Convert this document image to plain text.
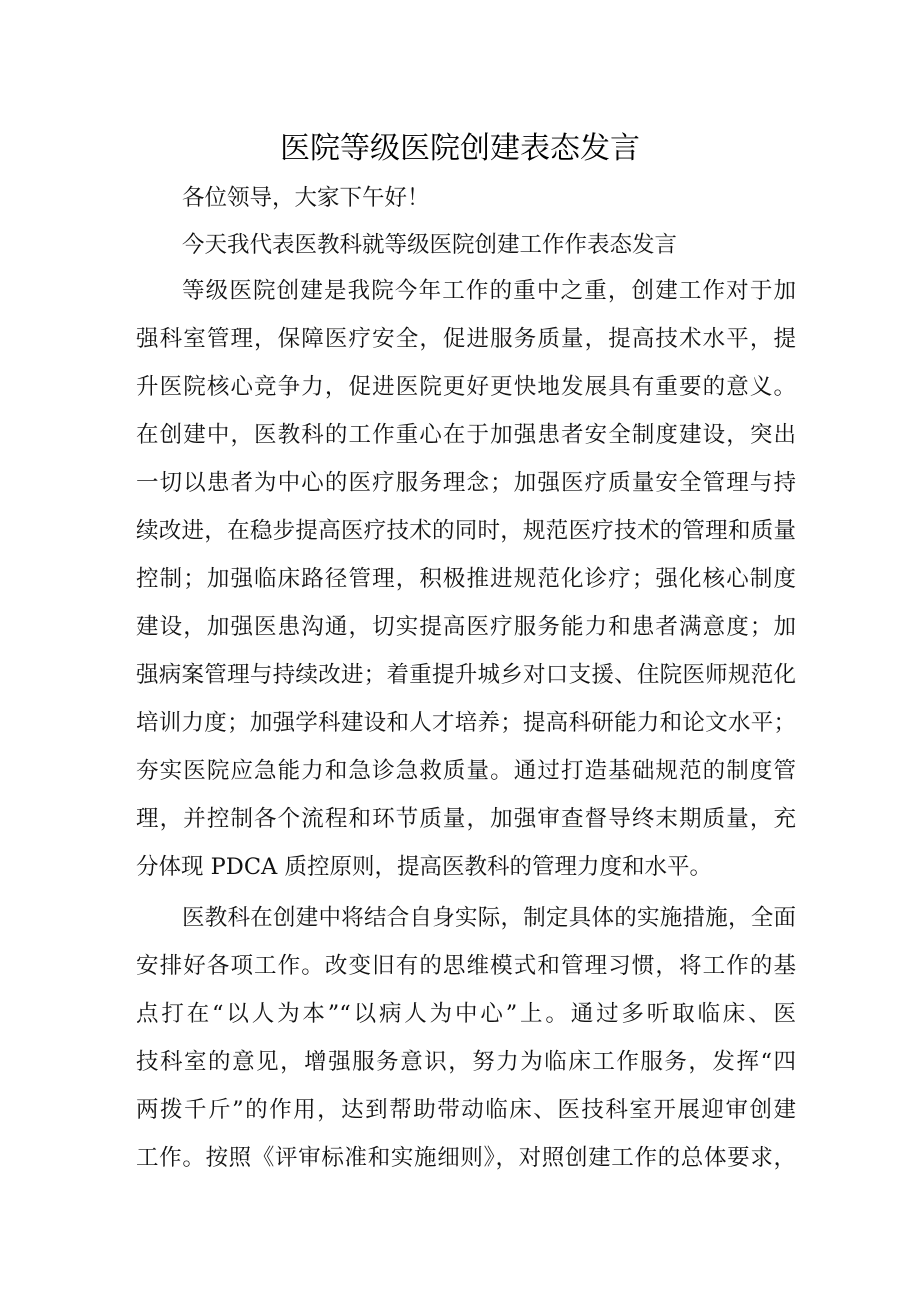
医院等级医院创建表态发言
各位领导，大家下午好！
今天我代表医教科就等级医院创建工作作表态发言
等级医院创建是我院今年工作的重中之重，创建工作对于加
强科室管理，保障医疗安全，促进服务质量，提高技术水平，提
升医院核心竞争力，促进医院更好更快地发展具有重要的意义。
在创建中，医教科的工作重心在于加强患者安全制度建设，突出
一切以患者为中心的医疗服务理念；加强医疗质量安全管理与持
续改进，在稳步提高医疗技术的同时，规范医疗技术的管理和质量
控制；加强临床路径管理，积极推进规范化诊疗；强化核心制度
建设，加强医患沟通，切实提高医疗服务能力和患者满意度；加
强病案管理与持续改进；着重提升城乡对口支援、住院医师规范化
培训力度；加强学科建设和人才培养；提高科研能力和论文水平；
夯实医院应急能力和急诊急救质量。通过打造基础规范的制度管
理，并控制各个流程和环节质量，加强审查督导终末期质量，充
分体现 PDCA 质控原则，提高医教科的管理力度和水平。
医教科在创建中将结合自身实际，制定具体的实施措施，全面
安排好各项工作。改变旧有的思维模式和管理习惯，将工作的基
点打在“以人为本”“以病人为中心”上。通过多听取临床、医
技科室的意见，增强服务意识，努力为临床工作服务，发挥“四
两拨千斤”的作用，达到帮助带动临床、医技科室开展迎审创建
工作。按照《评审标准和实施细则》，对照创建工作的总体要求，
